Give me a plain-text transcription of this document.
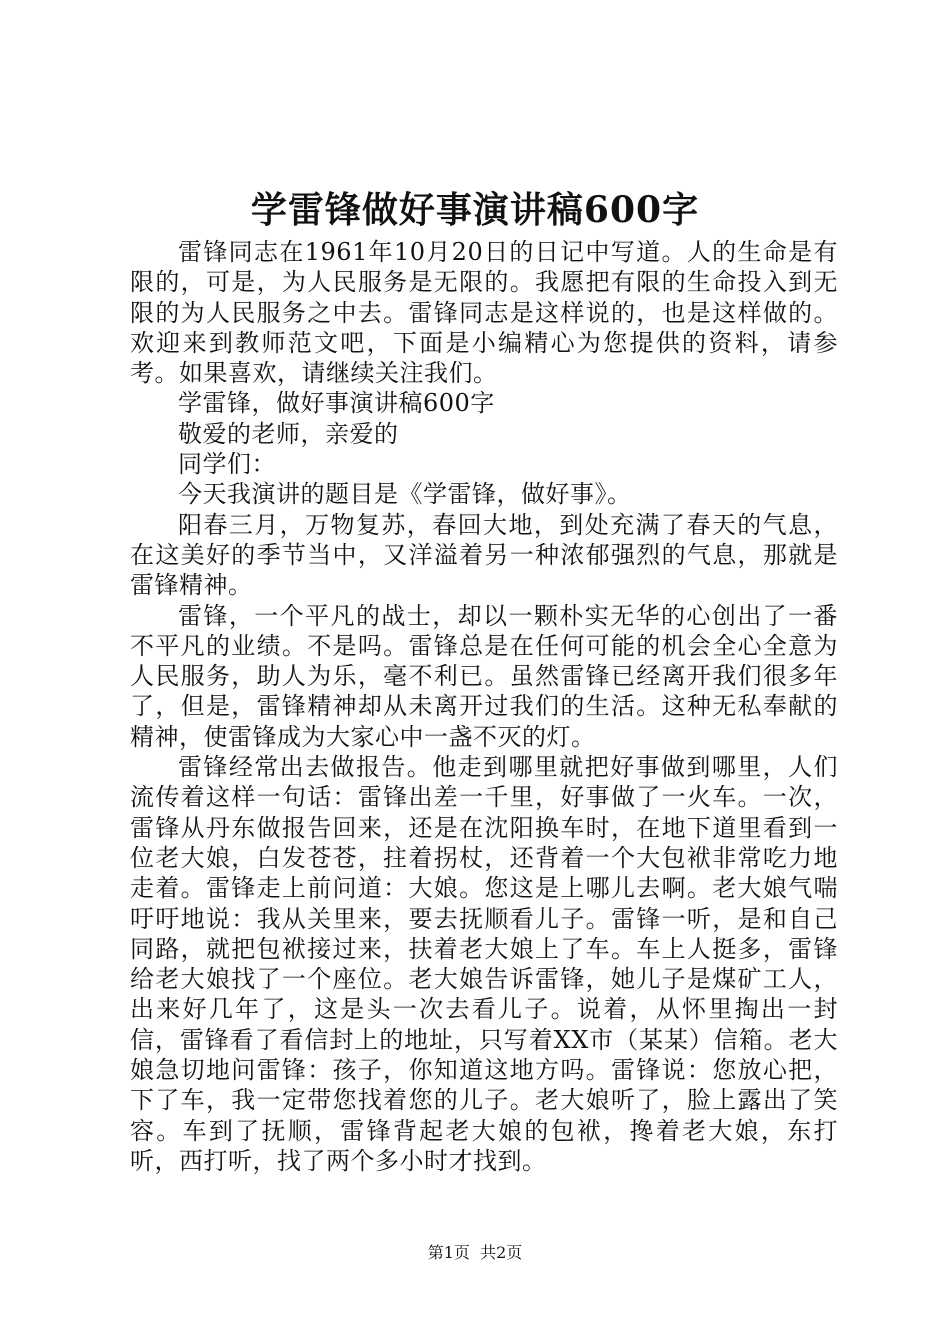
学雷锋做好事演讲稿600字

雷锋同志在1961年10月20日的日记中写道。人的生命是有限的，可是，为人民服务是无限的。我愿把有限的生命投入到无限的为人民服务之中去。雷锋同志是这样说的，也是这样做的。欢迎来到教师范文吧，下面是小编精心为您提供的资料，请参考。如果喜欢，请继续关注我们。

学雷锋，做好事演讲稿600字

敬爱的老师，亲爱的

同学们：

今天我演讲的题目是《学雷锋，做好事》。

阳春三月，万物复苏，春回大地，到处充满了春天的气息，在这美好的季节当中，又洋溢着另一种浓郁强烈的气息，那就是雷锋精神。

雷锋，一个平凡的战士，却以一颗朴实无华的心创出了一番不平凡的业绩。不是吗。雷锋总是在任何可能的机会全心全意为人民服务，助人为乐，毫不利已。虽然雷锋已经离开我们很多年了，但是，雷锋精神却从未离开过我们的生活。这种无私奉献的精神，使雷锋成为大家心中一盏不灭的灯。

雷锋经常出去做报告。他走到哪里就把好事做到哪里，人们流传着这样一句话：雷锋出差一千里，好事做了一火车。一次，雷锋从丹东做报告回来，还是在沈阳换车时，在地下道里看到一位老大娘，白发苍苍，拄着拐杖，还背着一个大包袱非常吃力地走着。雷锋走上前问道：大娘。您这是上哪儿去啊。老大娘气喘吁吁地说：我从关里来，要去抚顺看儿子。雷锋一听，是和自己同路，就把包袱接过来，扶着老大娘上了车。车上人挺多，雷锋给老大娘找了一个座位。老大娘告诉雷锋，她儿子是煤矿工人，出来好几年了，这是头一次去看儿子。说着，从怀里掏出一封信，雷锋看了看信封上的地址，只写着XX市（某某）信箱。老大娘急切地问雷锋：孩子，你知道这地方吗。雷锋说：您放心把，下了车，我一定带您找着您的儿子。老大娘听了，脸上露出了笑容。车到了抚顺，雷锋背起老大娘的包袱，搀着老大娘，东打听，西打听，找了两个多小时才找到。

第1页 共2页
